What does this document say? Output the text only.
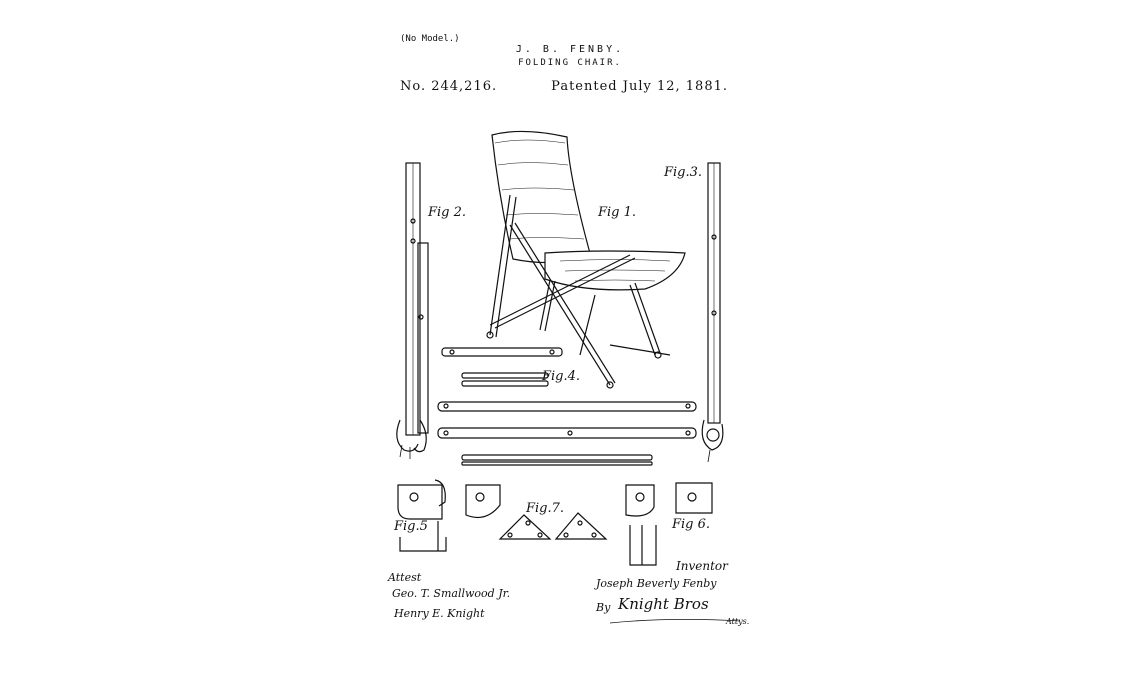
(No Model.)
J. B. FENBY.
FOLDING CHAIR.
No. 244,216.	Patented July 12, 1881.
Fig 2.	Fig 1.
Fig.3.
Fig.4.
Fig.5
Fig.7.
Fig 6.
Attest
Geo. T. Smallwood Jr.
Henry E. Knight
Inventor
Joseph Beverly Fenby
By Knight Bros
Attys.
